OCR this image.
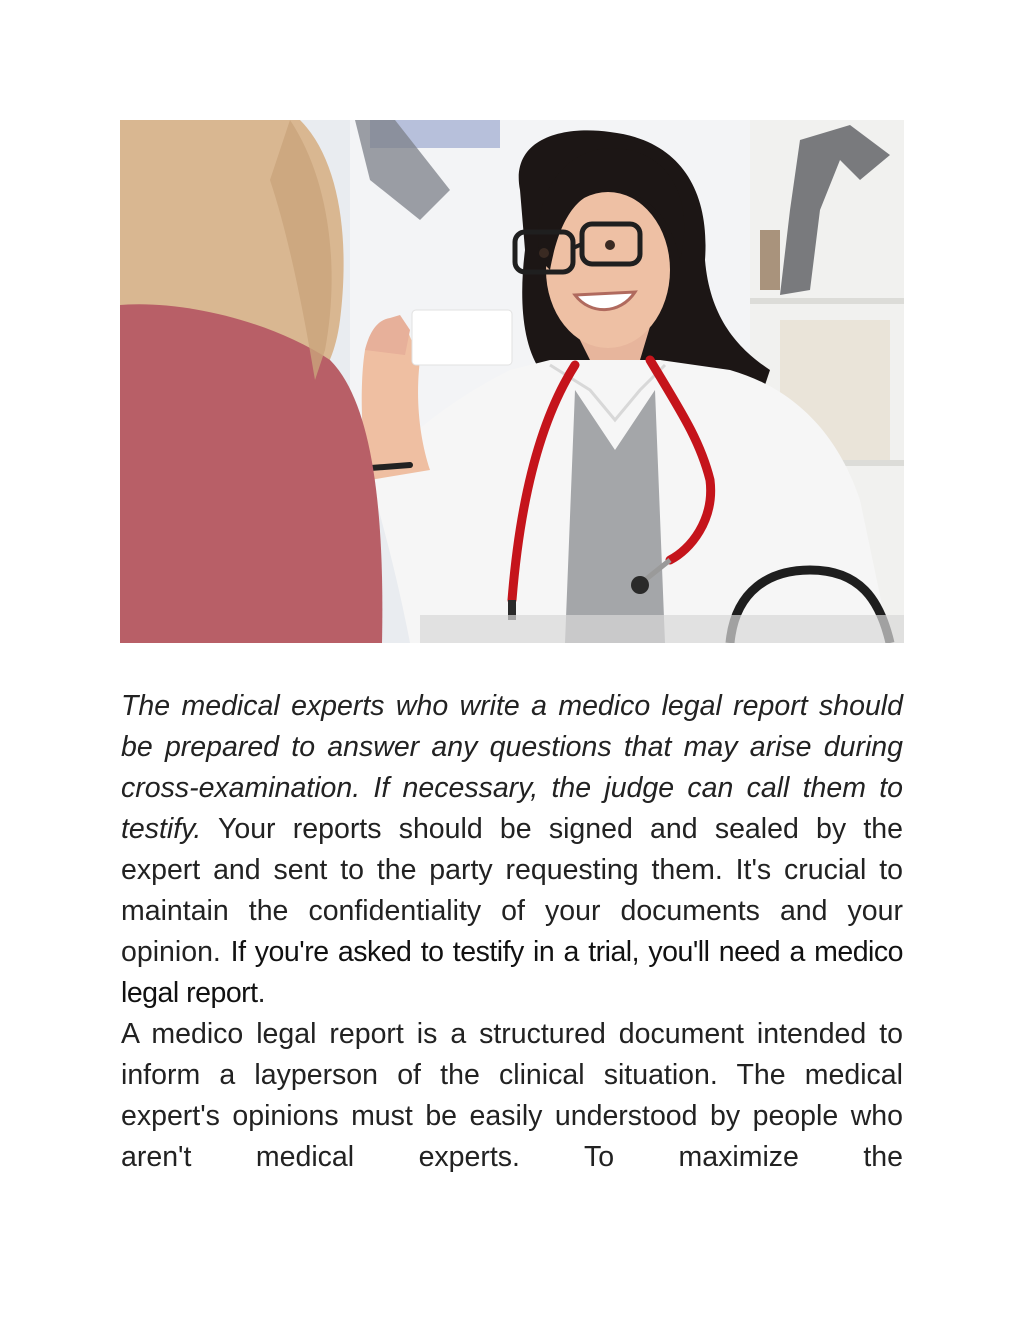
The medical experts who write a medico legal report should be prepared to answer any questions that may arise during cross-examination. If necessary, the judge can call them to testify. Your reports should be signed and sealed by the expert and sent to the party requesting them. It's crucial to maintain the confidentiality of your documents and your opinion. If you're asked to testify in a trial, you'll need a medico legal report.

A medico legal report is a structured document intended to inform a layperson of the clinical situation. The medical expert's opinions must be easily understood by people who aren't medical experts. To maximize the
